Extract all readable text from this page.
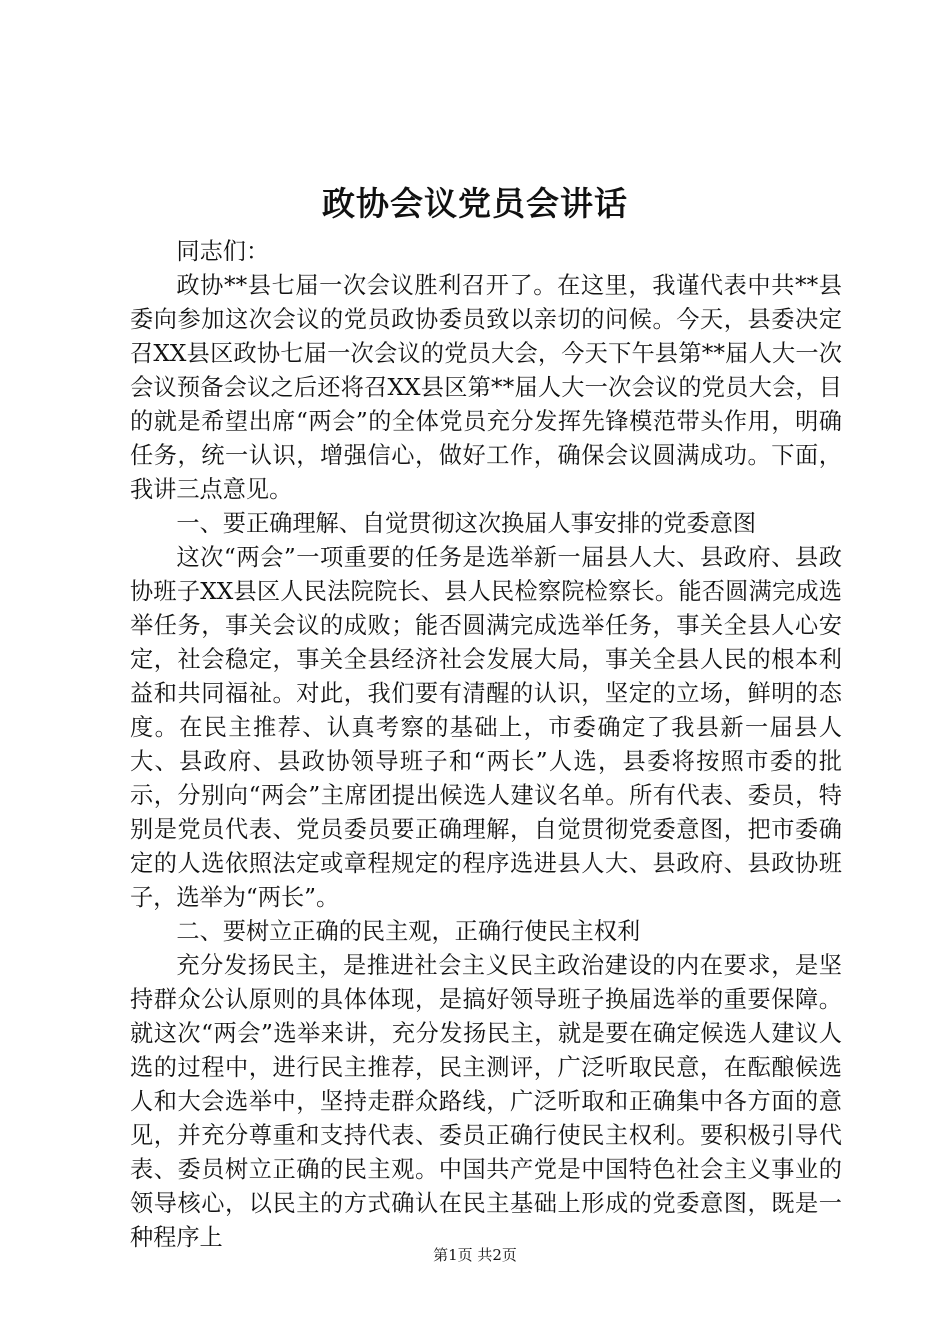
政协会议党员会讲话

同志们：

政协**县七届一次会议胜利召开了。在这里，我谨代表中共**县委向参加这次会议的党员政协委员致以亲切的问候。今天，县委决定召XX县区政协七届一次会议的党员大会，今天下午县第**届人大一次会议预备会议之后还将召XX县区第**届人大一次会议的党员大会，目的就是希望出席“两会”的全体党员充分发挥先锋模范带头作用，明确任务，统一认识，增强信心，做好工作，确保会议圆满成功。下面，我讲三点意见。

一、要正确理解、自觉贯彻这次换届人事安排的党委意图

这次“两会”一项重要的任务是选举新一届县人大、县政府、县政协班子XX县区人民法院院长、县人民检察院检察长。能否圆满完成选举任务，事关会议的成败；能否圆满完成选举任务，事关全县人心安定，社会稳定，事关全县经济社会发展大局，事关全县人民的根本利益和共同福祉。对此，我们要有清醒的认识，坚定的立场，鲜明的态度。在民主推荐、认真考察的基础上，市委确定了我县新一届县人大、县政府、县政协领导班子和“两长”人选，县委将按照市委的批示，分别向“两会”主席团提出候选人建议名单。所有代表、委员，特别是党员代表、党员委员要正确理解，自觉贯彻党委意图，把市委确定的人选依照法定或章程规定的程序选进县人大、县政府、县政协班子，选举为“两长”。

二、要树立正确的民主观，正确行使民主权利

充分发扬民主，是推进社会主义民主政治建设的内在要求，是坚持群众公认原则的具体体现，是搞好领导班子换届选举的重要保障。就这次“两会”选举来讲，充分发扬民主，就是要在确定候选人建议人选的过程中，进行民主推荐，民主测评，广泛听取民意，在酝酿候选人和大会选举中，坚持走群众路线，广泛听取和正确集中各方面的意见，并充分尊重和支持代表、委员正确行使民主权利。要积极引导代表、委员树立正确的民主观。中国共产党是中国特色社会主义事业的领导核心，以民主的方式确认在民主基础上形成的党委意图，既是一种程序上

第1页 共2页
